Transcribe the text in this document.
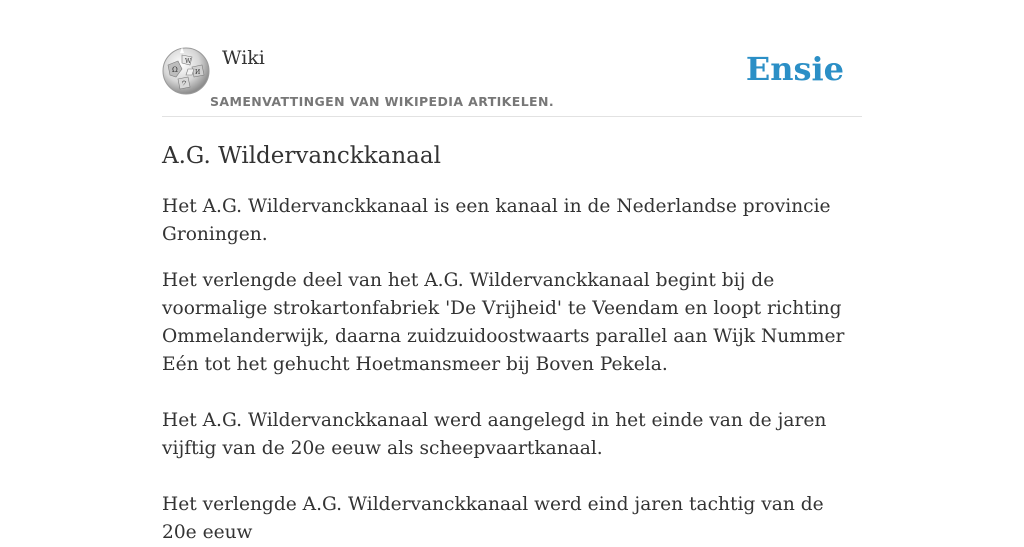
Ω
W
И
ウ
Wiki
SAMENVATTINGEN VAN WIKIPEDIA ARTIKELEN.
Ensie
A.G. Wildervanckkanaal

Het A.G. Wildervanckkanaal is een kanaal in de Nederlandse provincie Groningen.

Het verlengde deel van het A.G. Wildervanckkanaal begint bij de voormalige strokartonfabriek 'De Vrijheid' te Veendam en loopt richting Ommelanderwijk, daarna zuidzuidoostwaarts parallel aan Wijk Nummer Eén tot het gehucht Hoetmansmeer bij Boven Pekela.

Het A.G. Wildervanckkanaal werd aangelegd in het einde van de jaren vijftig van de 20e eeuw als scheepvaartkanaal.

Het verlengde A.G. Wildervanckkanaal werd eind jaren tachtig van de 20e eeuw
